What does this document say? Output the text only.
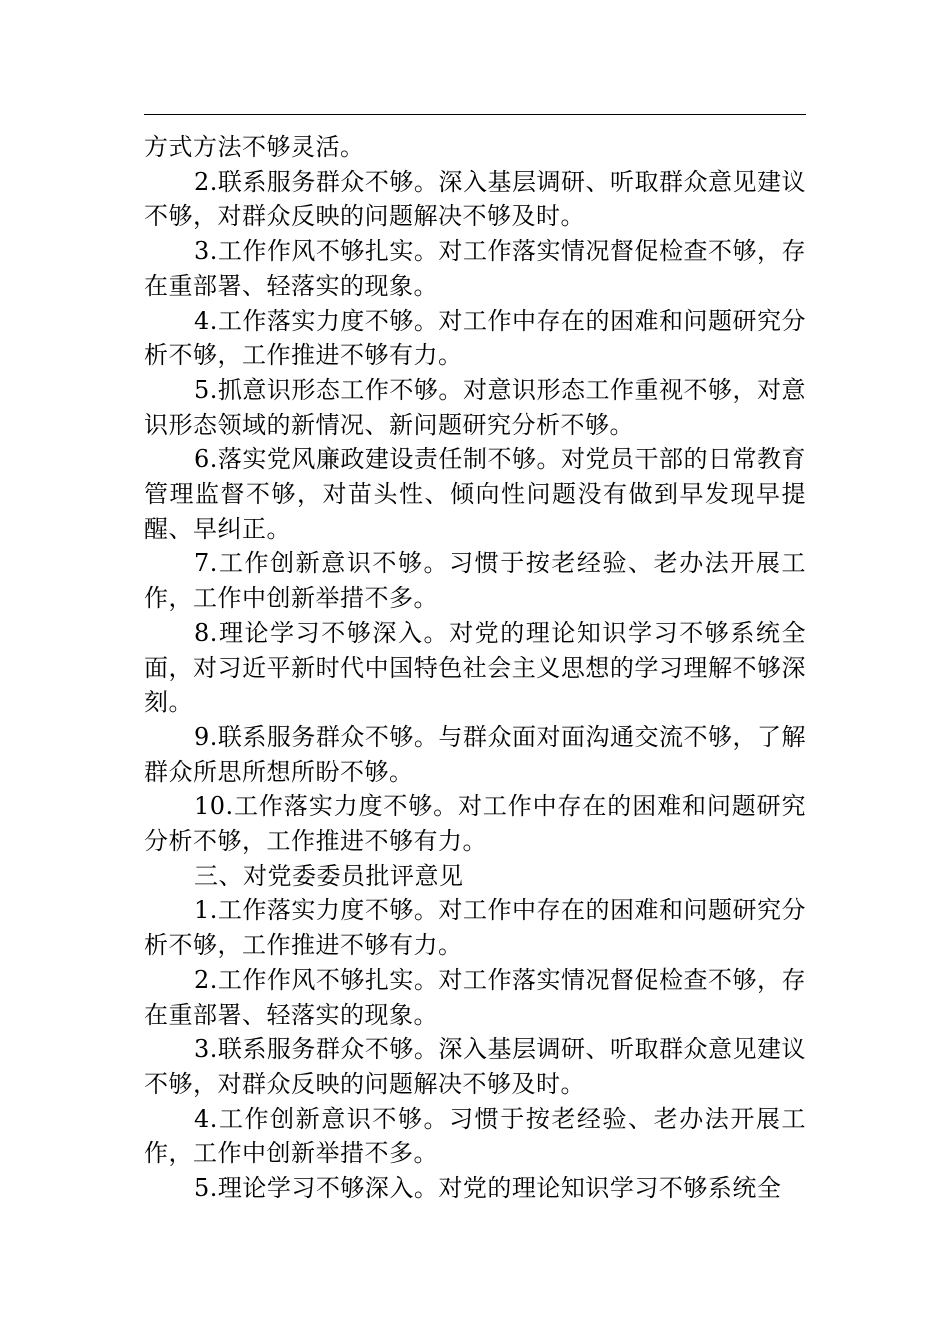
方式方法不够灵活。

2.联系服务群众不够。深入基层调研、听取群众意见建议不够，对群众反映的问题解决不够及时。

3.工作作风不够扎实。对工作落实情况督促检查不够，存在重部署、轻落实的现象。

4.工作落实力度不够。对工作中存在的困难和问题研究分析不够，工作推进不够有力。

5.抓意识形态工作不够。对意识形态工作重视不够，对意识形态领域的新情况、新问题研究分析不够。

6.落实党风廉政建设责任制不够。对党员干部的日常教育管理监督不够，对苗头性、倾向性问题没有做到早发现早提醒、早纠正。

7.工作创新意识不够。习惯于按老经验、老办法开展工作，工作中创新举措不多。

8.理论学习不够深入。对党的理论知识学习不够系统全面，对习近平新时代中国特色社会主义思想的学习理解不够深刻。

9.联系服务群众不够。与群众面对面沟通交流不够，了解群众所思所想所盼不够。

10.工作落实力度不够。对工作中存在的困难和问题研究分析不够，工作推进不够有力。

三、对党委委员批评意见

1.工作落实力度不够。对工作中存在的困难和问题研究分析不够，工作推进不够有力。

2.工作作风不够扎实。对工作落实情况督促检查不够，存在重部署、轻落实的现象。

3.联系服务群众不够。深入基层调研、听取群众意见建议不够，对群众反映的问题解决不够及时。

4.工作创新意识不够。习惯于按老经验、老办法开展工作，工作中创新举措不多。

5.理论学习不够深入。对党的理论知识学习不够系统全
